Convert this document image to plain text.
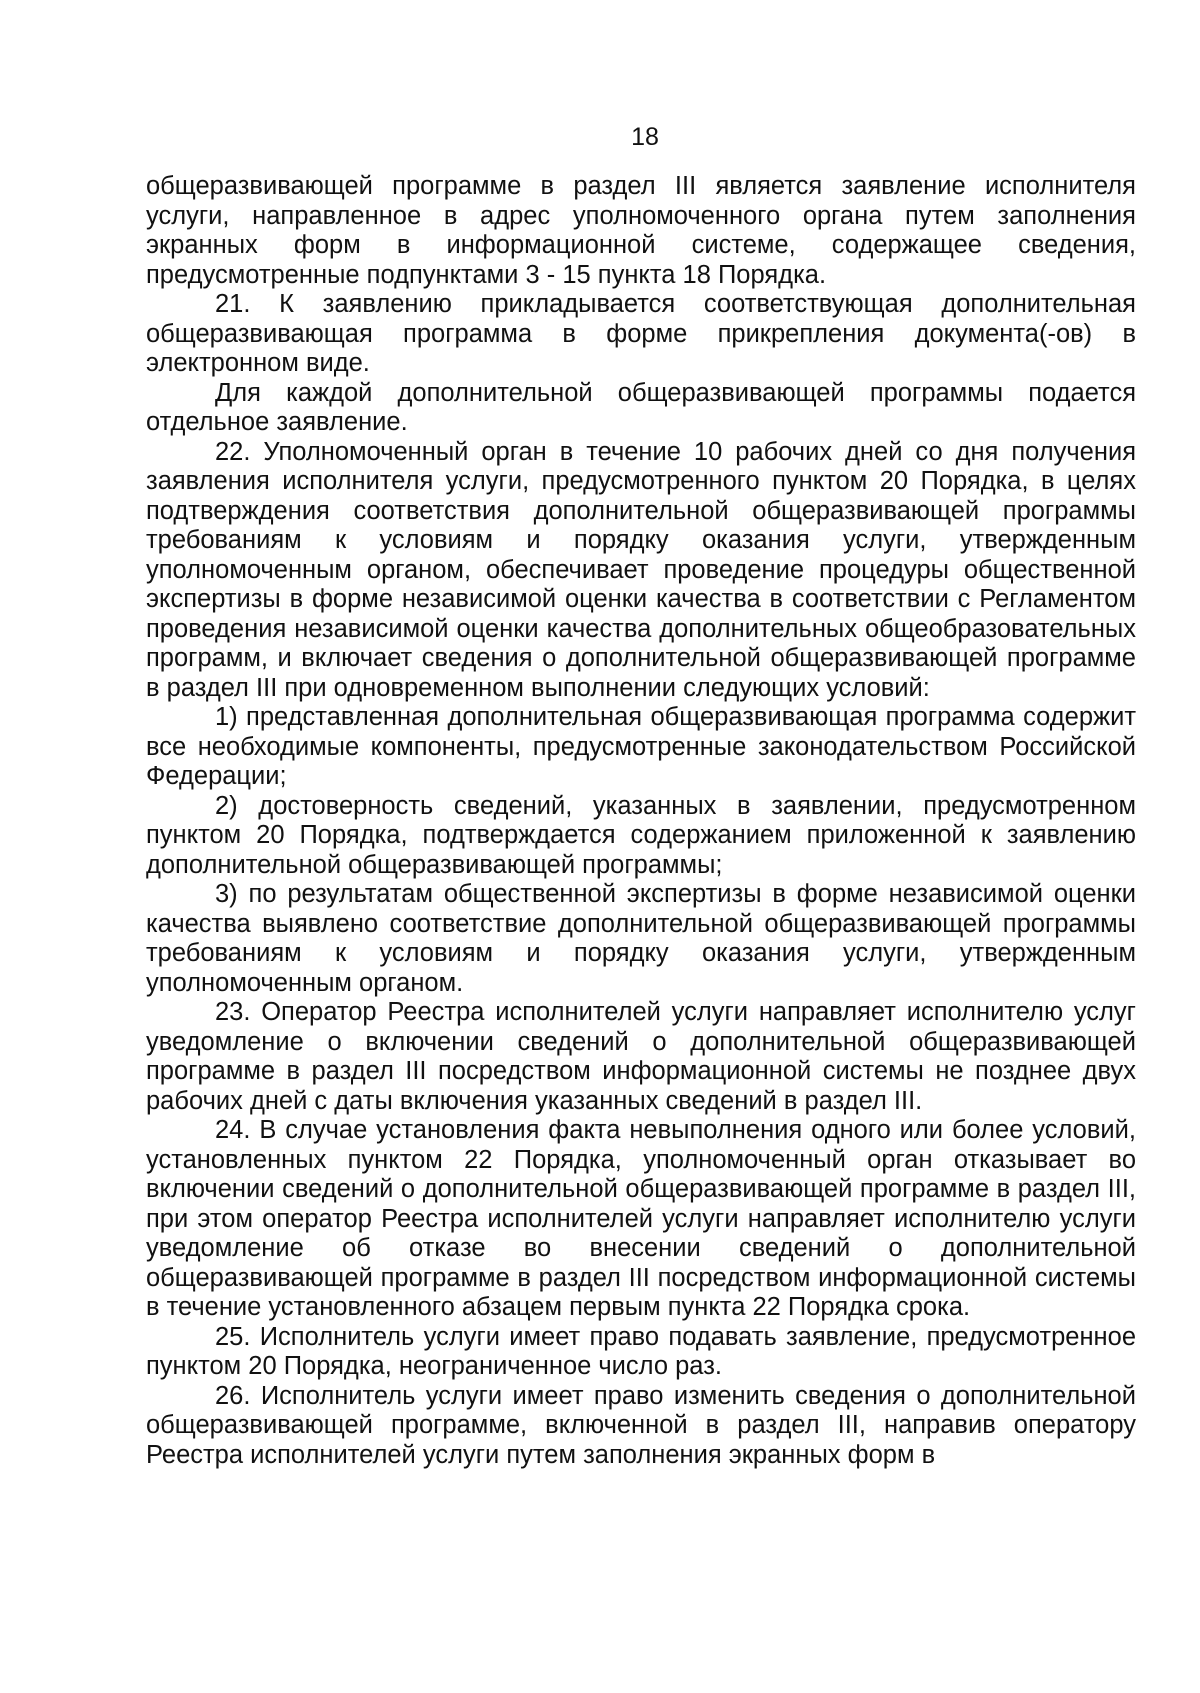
18

общеразвивающей программе в раздел III является заявление исполнителя услуги, направленное в адрес уполномоченного органа путем заполнения экранных форм в информационной системе, содержащее сведения, предусмотренные подпунктами 3 - 15 пункта 18 Порядка.

21. К заявлению прикладывается соответствующая дополнительная общеразвивающая программа в форме прикрепления документа(-ов) в электронном виде.

Для каждой дополнительной общеразвивающей программы подается отдельное заявление.

22. Уполномоченный орган в течение 10 рабочих дней со дня получения заявления исполнителя услуги, предусмотренного пунктом 20 Порядка, в целях подтверждения соответствия дополнительной общеразвивающей программы требованиям к условиям и порядку оказания услуги, утвержденным уполномоченным органом, обеспечивает проведение процедуры общественной экспертизы в форме независимой оценки качества в соответствии с Регламентом проведения независимой оценки качества дополнительных общеобразовательных программ, и включает сведения о дополнительной общеразвивающей программе в раздел III при одновременном выполнении следующих условий:

1) представленная дополнительная общеразвивающая программа содержит все необходимые компоненты, предусмотренные законодательством Российской Федерации;

2) достоверность сведений, указанных в заявлении, предусмотренном пунктом 20 Порядка, подтверждается содержанием приложенной к заявлению дополнительной общеразвивающей программы;

3) по результатам общественной экспертизы в форме независимой оценки качества выявлено соответствие дополнительной общеразвивающей программы требованиям к условиям и порядку оказания услуги, утвержденным уполномоченным органом.

23. Оператор Реестра исполнителей услуги направляет исполнителю услуг уведомление о включении сведений о дополнительной общеразвивающей программе в раздел III посредством информационной системы не позднее двух рабочих дней с даты включения указанных сведений в раздел III.

24. В случае установления факта невыполнения одного или более условий, установленных пунктом 22 Порядка, уполномоченный орган отказывает во включении сведений о дополнительной общеразвивающей программе в раздел III, при этом оператор Реестра исполнителей услуги направляет исполнителю услуги уведомление об отказе во внесении сведений о дополнительной общеразвивающей программе в раздел III посредством информационной системы в течение установленного абзацем первым пункта 22 Порядка срока.

25. Исполнитель услуги имеет право подавать заявление, предусмотренное пунктом 20 Порядка, неограниченное число раз.

26. Исполнитель услуги имеет право изменить сведения о дополнительной общеразвивающей программе, включенной в раздел III, направив оператору Реестра исполнителей услуги путем заполнения экранных форм в
